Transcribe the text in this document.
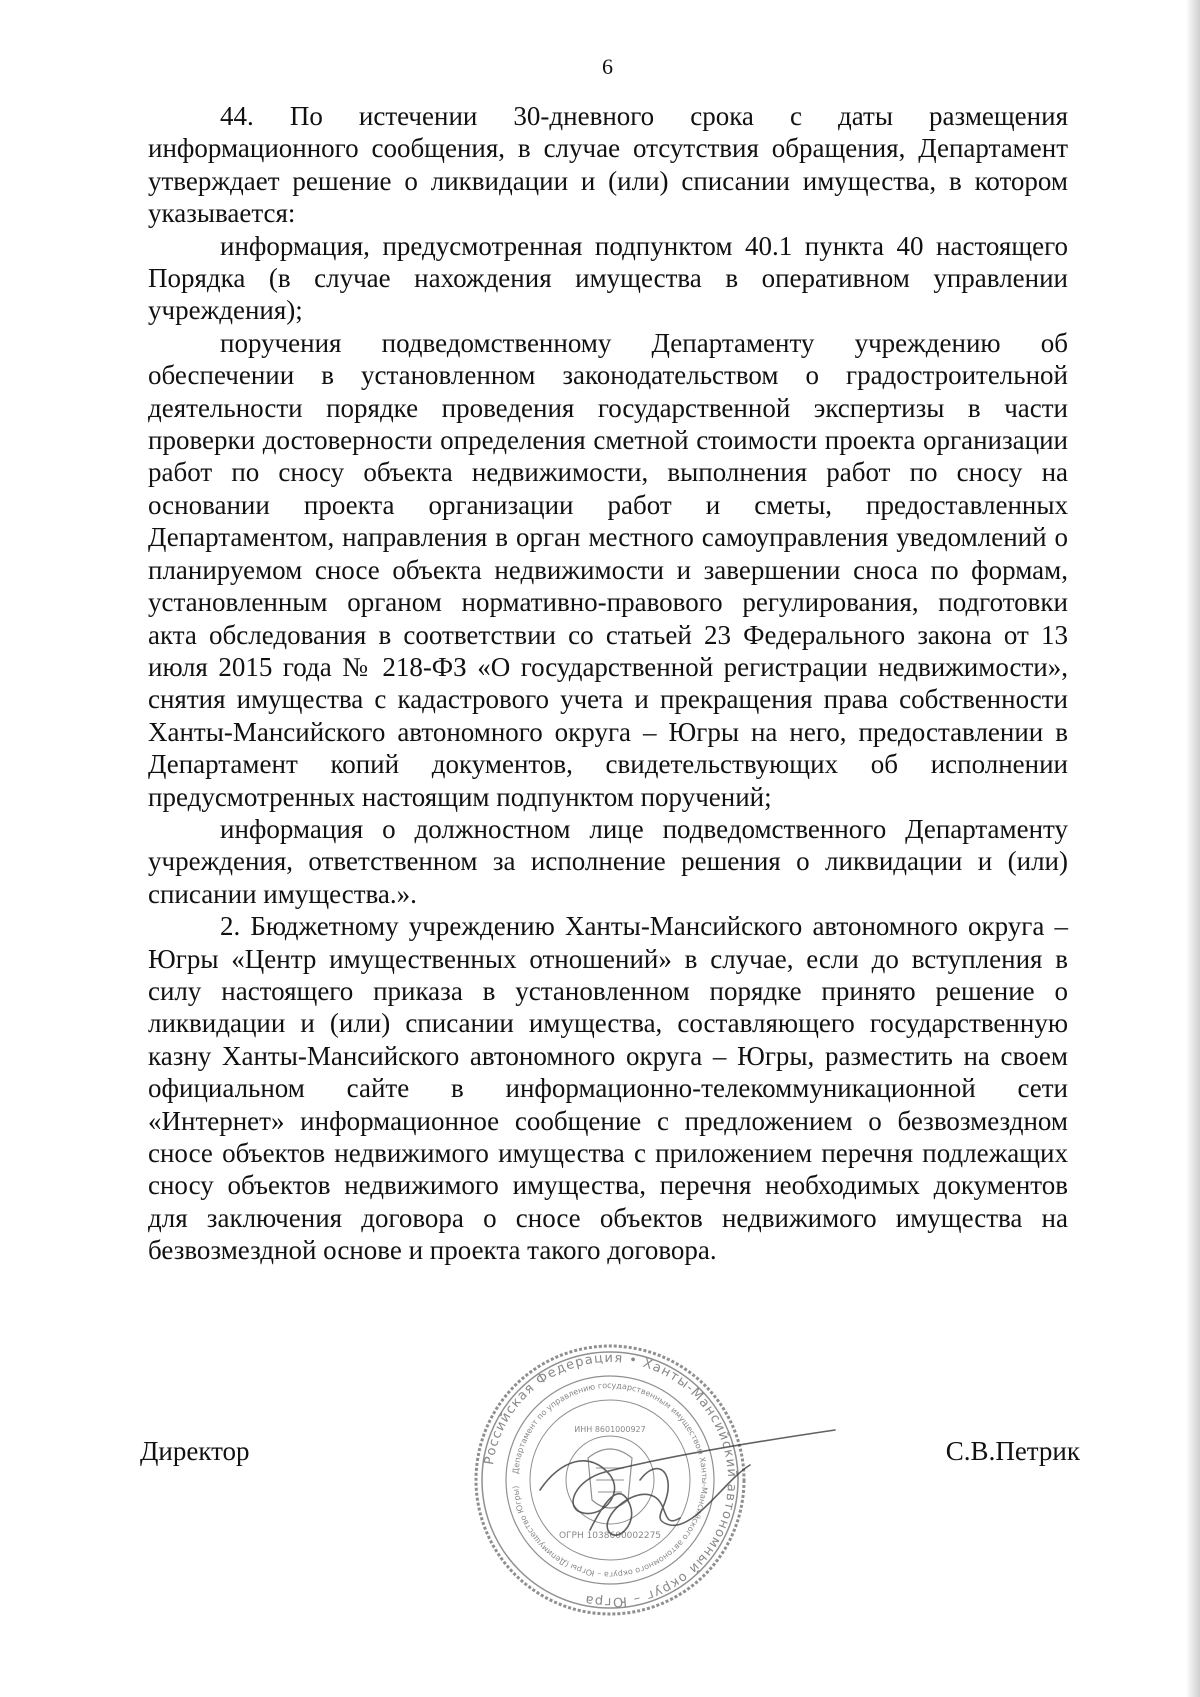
6

44. По истечении 30-дневного срока с даты размещения информационного сообщения, в случае отсутствия обращения, Департамент утверждает решение о ликвидации и (или) списании имущества, в котором указывается:

информация, предусмотренная подпунктом 40.1 пункта 40 настоящего Порядка (в случае нахождения имущества в оперативном управлении учреждения);

поручения подведомственному Департаменту учреждению об обеспечении в установленном законодательством о градостроительной деятельности порядке проведения государственной экспертизы в части проверки достоверности определения сметной стоимости проекта организации работ по сносу объекта недвижимости, выполнения работ по сносу на основании проекта организации работ и сметы, предоставленных Департаментом, направления в орган местного самоуправления уведомлений о планируемом сносе объекта недвижимости и завершении сноса по формам, установленным органом нормативно-правового регулирования, подготовки акта обследования в соответствии со статьей 23 Федерального закона от 13 июля 2015 года № 218-ФЗ «О государственной регистрации недвижимости», снятия имущества с кадастрового учета и прекращения права собственности Ханты-Мансийского автономного округа – Югры на него, предоставлении в Департамент копий документов, свидетельствующих об исполнении предусмотренных настоящим подпунктом поручений;

информация о должностном лице подведомственного Департаменту учреждения, ответственном за исполнение решения о ликвидации и (или) списании имущества.».

2. Бюджетному учреждению Ханты-Мансийского автономного округа – Югры «Центр имущественных отношений» в случае, если до вступления в силу настоящего приказа в установленном порядке принято решение о ликвидации и (или) списании имущества, составляющего государственную казну Ханты-Мансийского автономного округа – Югры, разместить на своем официальном сайте в информационно-телекоммуникационной сети «Интернет» информационное сообщение с предложением о безвозмездном сносе объектов недвижимого имущества с приложением перечня подлежащих сносу объектов недвижимого имущества, перечня необходимых документов для заключения договора о сносе объектов недвижимого имущества на безвозмездной основе и проекта такого договора.

Российская Федерация • Ханты-Мансийский автономный округ – Югра
Департамент по управлению государственным имуществом Ханты-Мансийского автономного округа – Югры (Депимущество Югры)
ОГРН 1038600002275
ИНН 8601000927
Директор	С.В.Петрик
